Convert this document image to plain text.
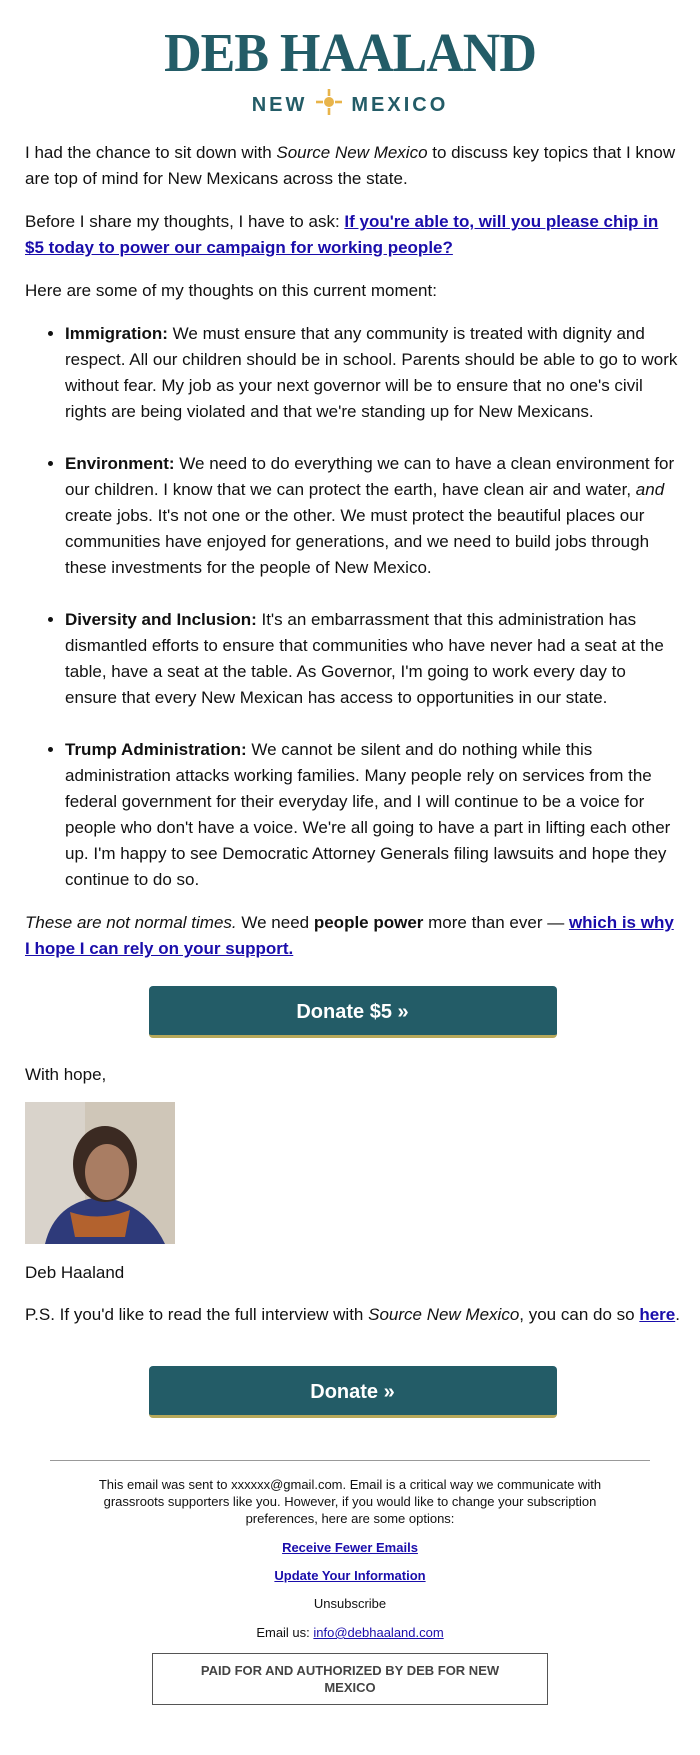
DEB HAALAND
NEW MEXICO

I had the chance to sit down with Source New Mexico to discuss key topics that I know are top of mind for New Mexicans across the state.

Before I share my thoughts, I have to ask: If you're able to, will you please chip in $5 today to power our campaign for working people?

Here are some of my thoughts on this current moment:

• Immigration: We must ensure that any community is treated with dignity and respect. All our children should be in school. Parents should be able to go to work without fear. My job as your next governor will be to ensure that no one's civil rights are being violated and that we're standing up for New Mexicans.
• Environment: We need to do everything we can to have a clean environment for our children. I know that we can protect the earth, have clean air and water, and create jobs. It's not one or the other. We must protect the beautiful places our communities have enjoyed for generations, and we need to build jobs through these investments for the people of New Mexico.
• Diversity and Inclusion: It's an embarrassment that this administration has dismantled efforts to ensure that communities who have never had a seat at the table, have a seat at the table. As Governor, I'm going to work every day to ensure that every New Mexican has access to opportunities in our state.
• Trump Administration: We cannot be silent and do nothing while this administration attacks working families. Many people rely on services from the federal government for their everyday life, and I will continue to be a voice for people who don't have a voice. We're all going to have a part in lifting each other up. I'm happy to see Democratic Attorney Generals filing lawsuits and hope they continue to do so.

These are not normal times. We need people power more than ever — which is why I hope I can rely on your support.

Donate $5 »

With hope,

Deb Haaland

P.S. If you'd like to read the full interview with Source New Mexico, you can do so here.

Donate »
This email was sent to xxxxxx@gmail.com. Email is a critical way we communicate with grassroots supporters like you. However, if you would like to change your subscription preferences, here are some options:
Receive Fewer Emails
Update Your Information
Unsubscribe
Email us: info@debhaaland.com
PAID FOR AND AUTHORIZED BY DEB FOR NEW MEXICO
